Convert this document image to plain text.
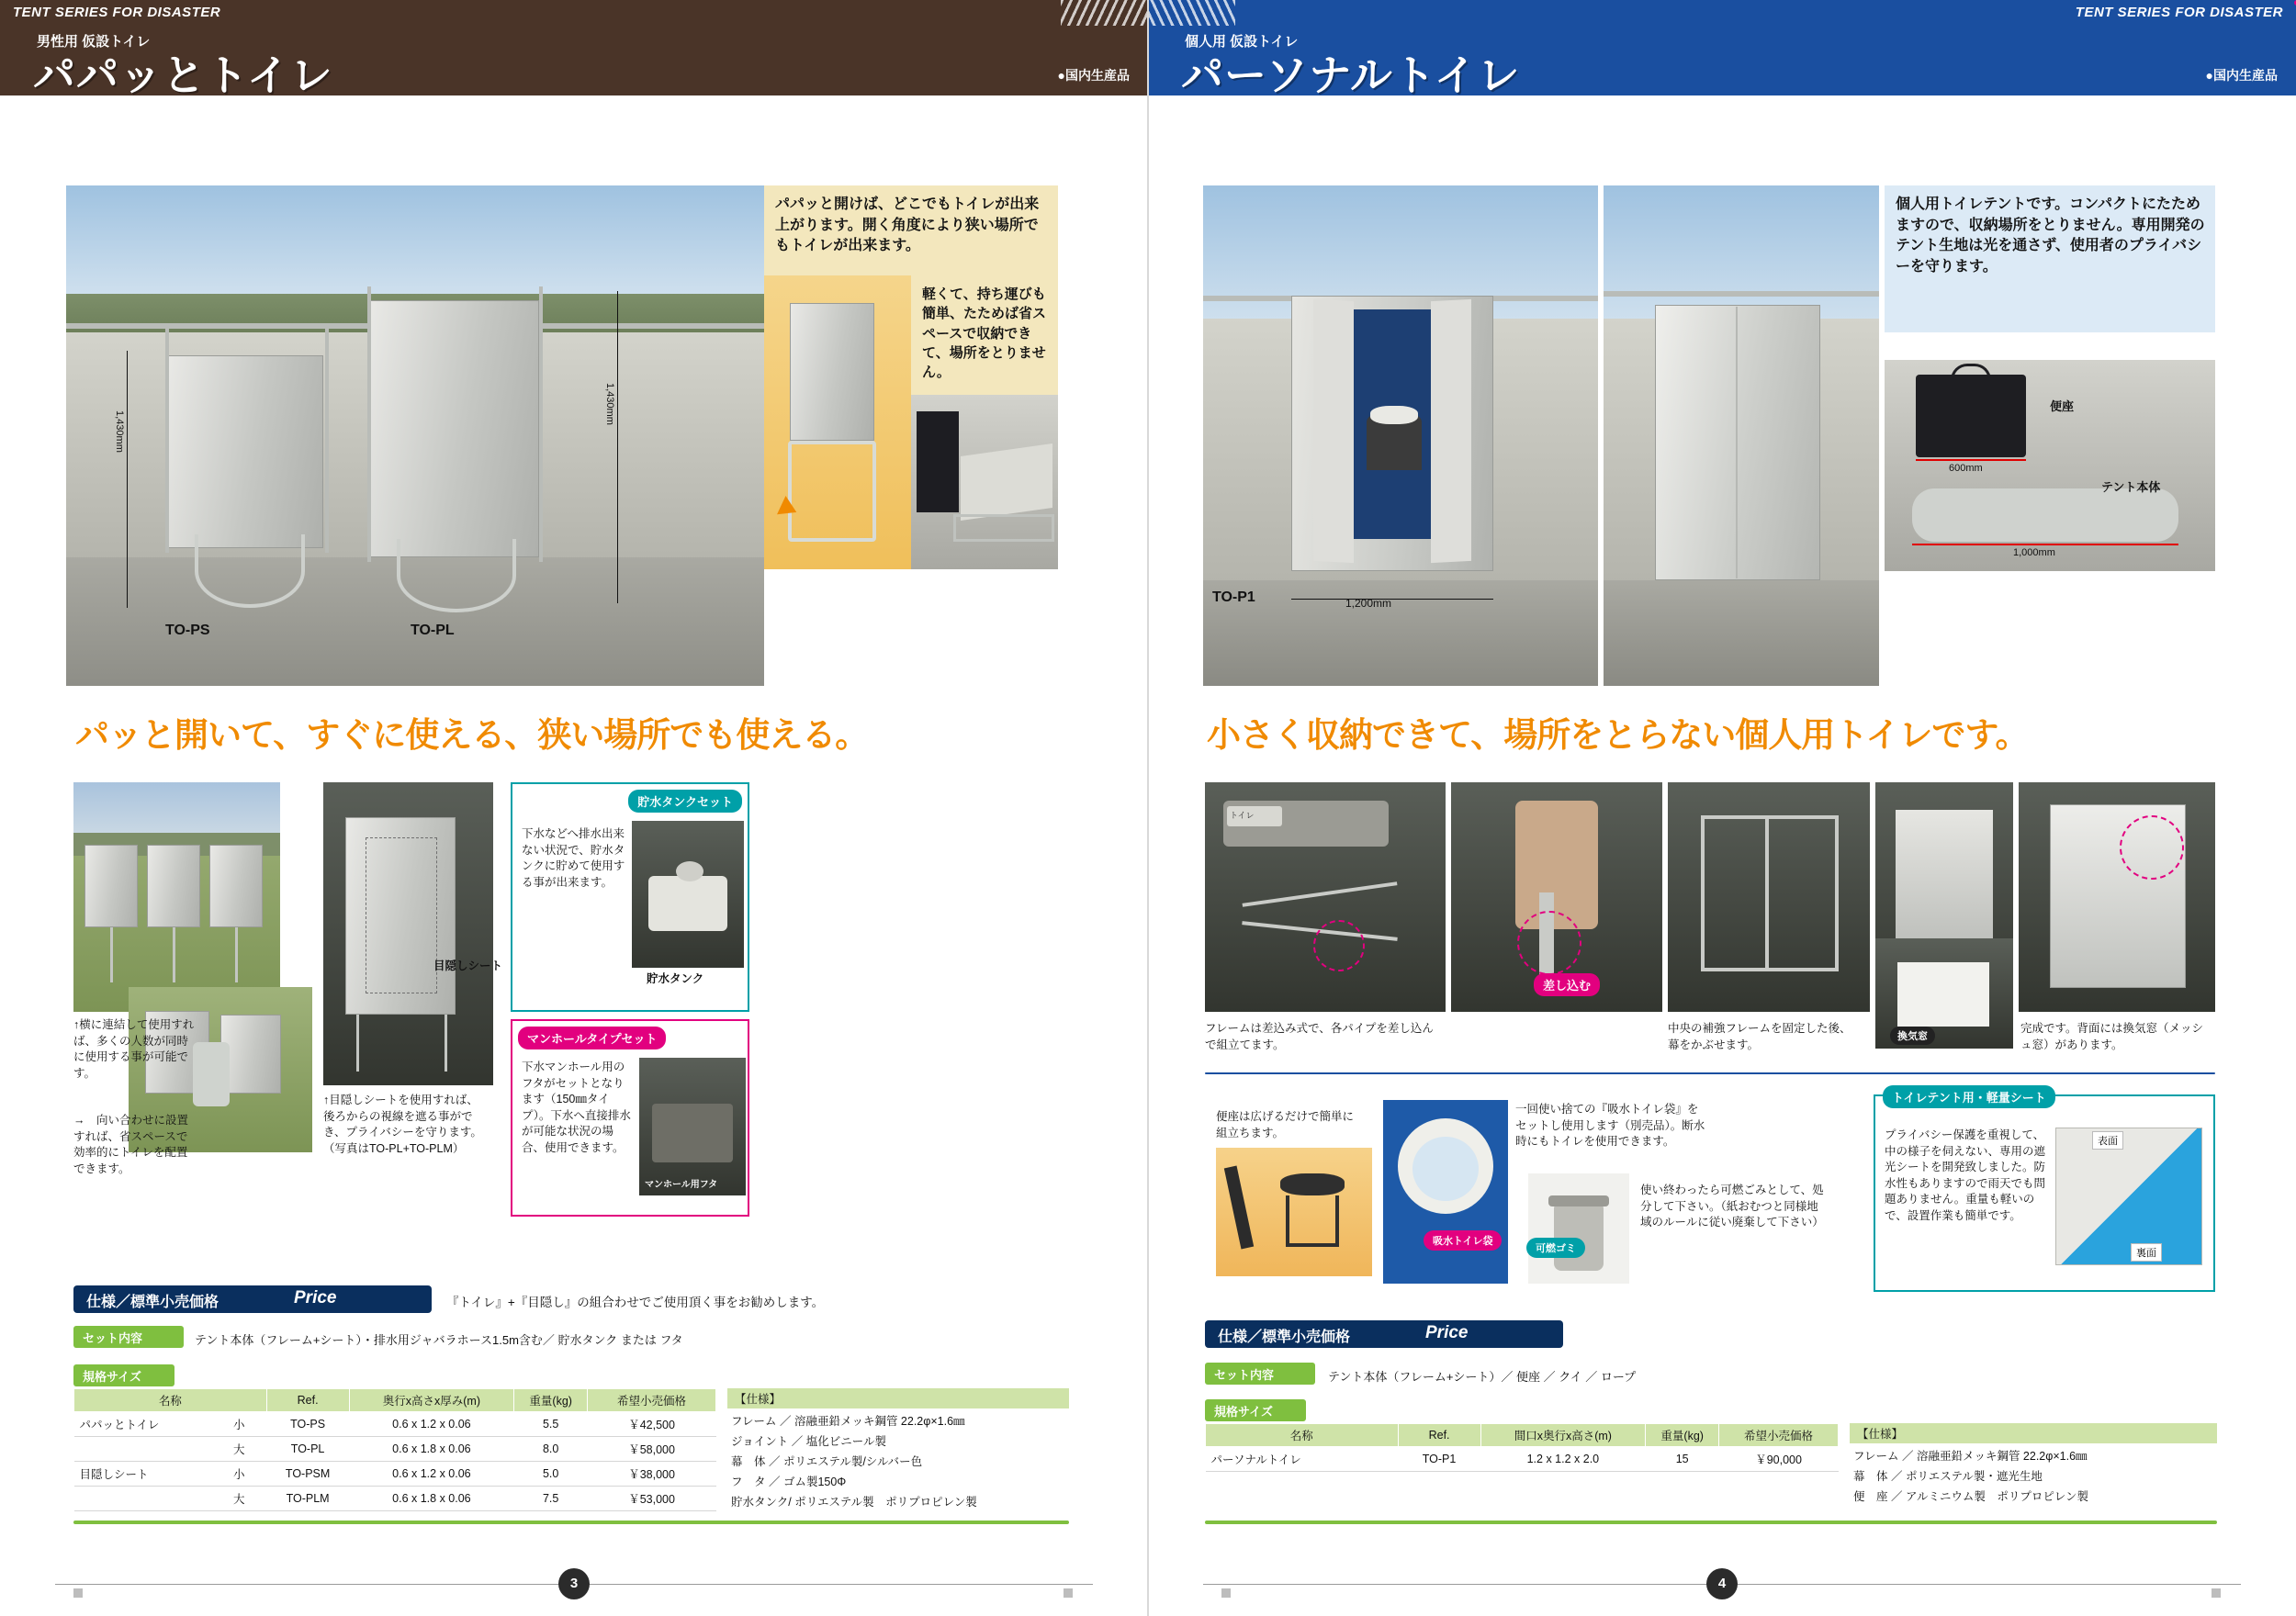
TENT SERIES FOR DISASTER
男性用 仮設トイレ
パパッとトイレ	●国内生産品
1,430mm
1,430mm
TO-PS	TO-PL
パパッと開けば、どこでもトイレが出来上がります。開く角度により狭い場所でもトイレが出来ます。
軽くて、持ち運びも簡単、たためば省スペースで収納できて、場所をとりません。
パッと開いて、すぐに使える、狭い場所でも使える。
↑横に連結して使用すれば、多くの人数が同時に使用する事が可能です。
→　向い合わせに設置すれば、省スペースで効率的にトイレを配置できます。
目隠しシート
↑目隠しシートを使用すれば、後ろからの視線を遮る事ができ、プライバシーを守ります。（写真はTO-PL+TO-PLM）
貯水タンクセット
下水などへ排水出来ない状況で、貯水タンクに貯めて使用する事が出来ます。
貯水タンク
マンホールタイプセット
下水マンホール用のフタがセットとなります（150㎜タイプ）。下水へ直接排水が可能な状況の場合、使用できます。
マンホール用フタ
仕様／標準小売価格	Price	『トイレ』+『目隠し』の組合わせでご使用頂く事をお勧めします。
セット内容	テント本体（フレーム+シート）・排水用ジャバラホース1.5m含む／ 貯水タンク または フタ
規格サイズ
名称		Ref.	奥行x高さx厚み(m)	重量(kg)	希望小売価格
パパッとトイレ	小	TO-PS	0.6 x 1.2 x 0.06	5.5	￥42,500
	大	TO-PL	0.6 x 1.8 x 0.06	8.0	￥58,000
目隠しシート	小	TO-PSM	0.6 x 1.2 x 0.06	5.0	￥38,000
	大	TO-PLM	0.6 x 1.8 x 0.06	7.5	￥53,000
【仕様】
フレーム ／ 溶融亜鉛メッキ鋼管 22.2φ×1.6㎜
ジョイント ／ 塩化ビニール製
幕　体 ／ ポリエステル製/シルバー色
フ　タ ／ ゴム製150Φ
貯水タンク/ ポリエステル製　ポリプロピレン製
3
TENT SERIES FOR DISASTER
個人用 仮設トイレ
パーソナルトイレ	●国内生産品
1,200mm
TO-P1
個人用トイレテントです。コンパクトにたためますので、収納場所をとりません。専用開発のテント生地は光を通さず、使用者のプライバシーを守ります。
便座
テント本体
600mm
1,000mm
小さく収納できて、場所をとらない個人用トイレです。
トイレ
差し込む
換気窓
フレームは差込み式で、各パイプを差し込んで組立てます。
中央の補強フレームを固定した後、幕をかぶせます。
完成です。背面には換気窓（メッシュ窓）があります。
便座は広げるだけで簡単に組立ちます。
一回使い捨ての『吸水トイレ袋』をセットし使用します（別売品）。断水時にもトイレを使用できます。
吸水トイレ袋
可燃ゴミ
使い終わったら可燃ごみとして、処分して下さい。（紙おむつと同様地域のルールに従い廃棄して下さい）
トイレテント用・軽量シート
プライバシー保護を重視して、中の様子を伺えない、専用の遮光シートを開発致しました。防水性もありますので雨天でも問題ありません。重量も軽いので、設置作業も簡単です。
表面
裏面
仕様／標準小売価格	Price
セット内容	テント本体（フレーム+シート）／ 便座 ／ クイ ／ ロープ
規格サイズ
名称	Ref.	間口x奥行x高さ(m)	重量(kg)	希望小売価格
パーソナルトイレ	TO-P1	1.2 x 1.2 x 2.0	15	￥90,000
【仕様】
フレーム ／ 溶融亜鉛メッキ鋼管 22.2φ×1.6㎜
幕　体 ／ ポリエステル製・遮光生地
便　座 ／ アルミニウム製　ポリプロピレン製
4
